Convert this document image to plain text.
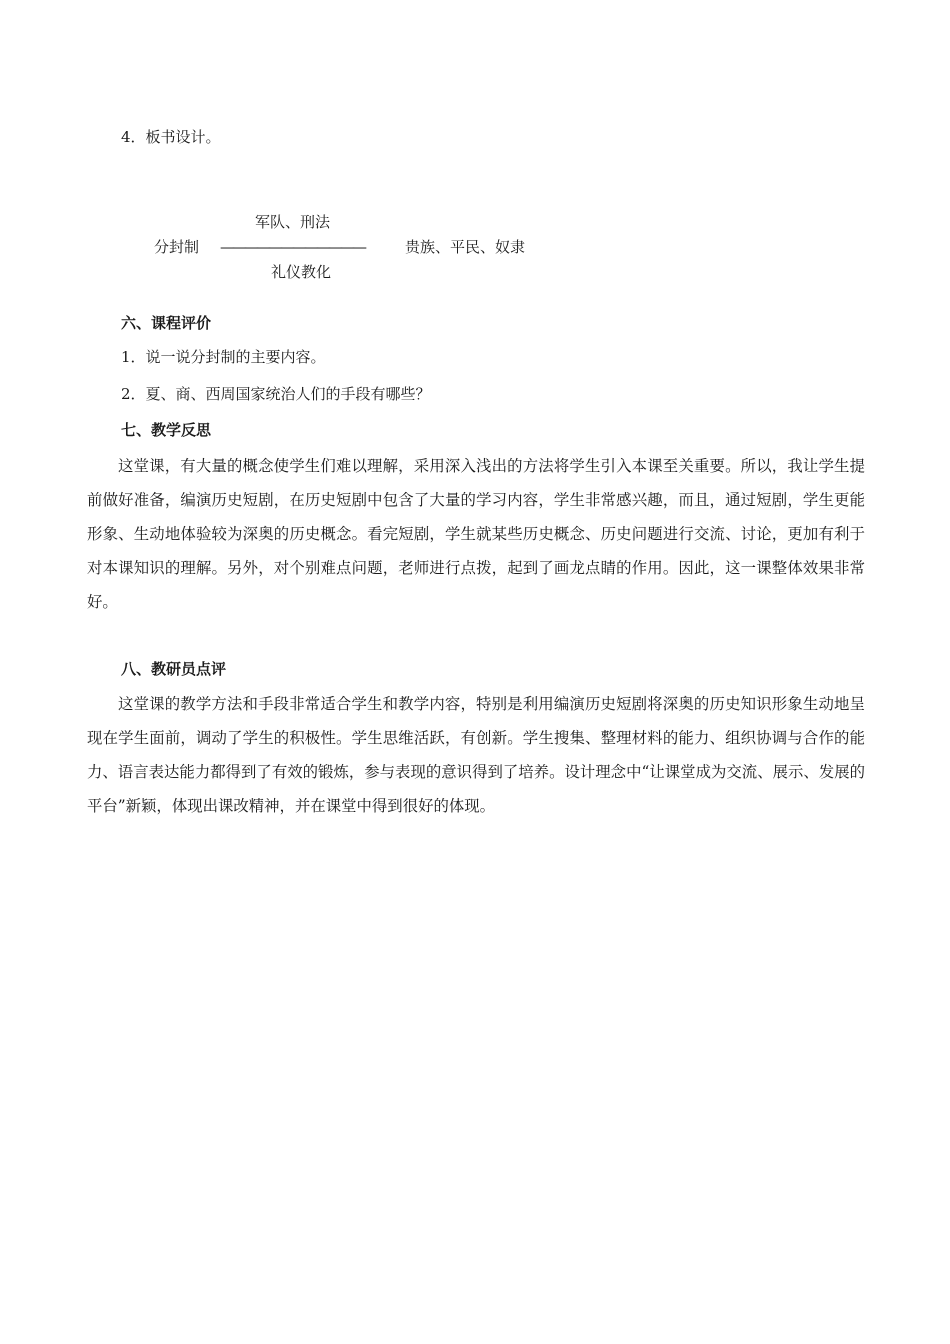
4．板书设计。
军队、刑法
分封制 ————————————	贵族、平民、奴隶
礼仪教化
六、课程评价
1．说一说分封制的主要内容。
2．夏、商、西周国家统治人们的手段有哪些？
七、教学反思
这堂课，有大量的概念使学生们难以理解，采用深入浅出的方法将学生引入本课至关重要。所以，我让学生提前做好准备，编演历史短剧，在历史短剧中包含了大量的学习内容，学生非常感兴趣，而且，通过短剧，学生更能形象、生动地体验较为深奥的历史概念。看完短剧，学生就某些历史概念、历史问题进行交流、讨论，更加有利于对本课知识的理解。另外，对个别难点问题，老师进行点拨，起到了画龙点睛的作用。因此，这一课整体效果非常好。
八、教研员点评
这堂课的教学方法和手段非常适合学生和教学内容，特别是利用编演历史短剧将深奥的历史知识形象生动地呈现在学生面前，调动了学生的积极性。学生思维活跃，有创新。学生搜集、整理材料的能力、组织协调与合作的能力、语言表达能力都得到了有效的锻炼，参与表现的意识得到了培养。设计理念中“让课堂成为交流、展示、发展的平台”新颖，体现出课改精神，并在课堂中得到很好的体现。
